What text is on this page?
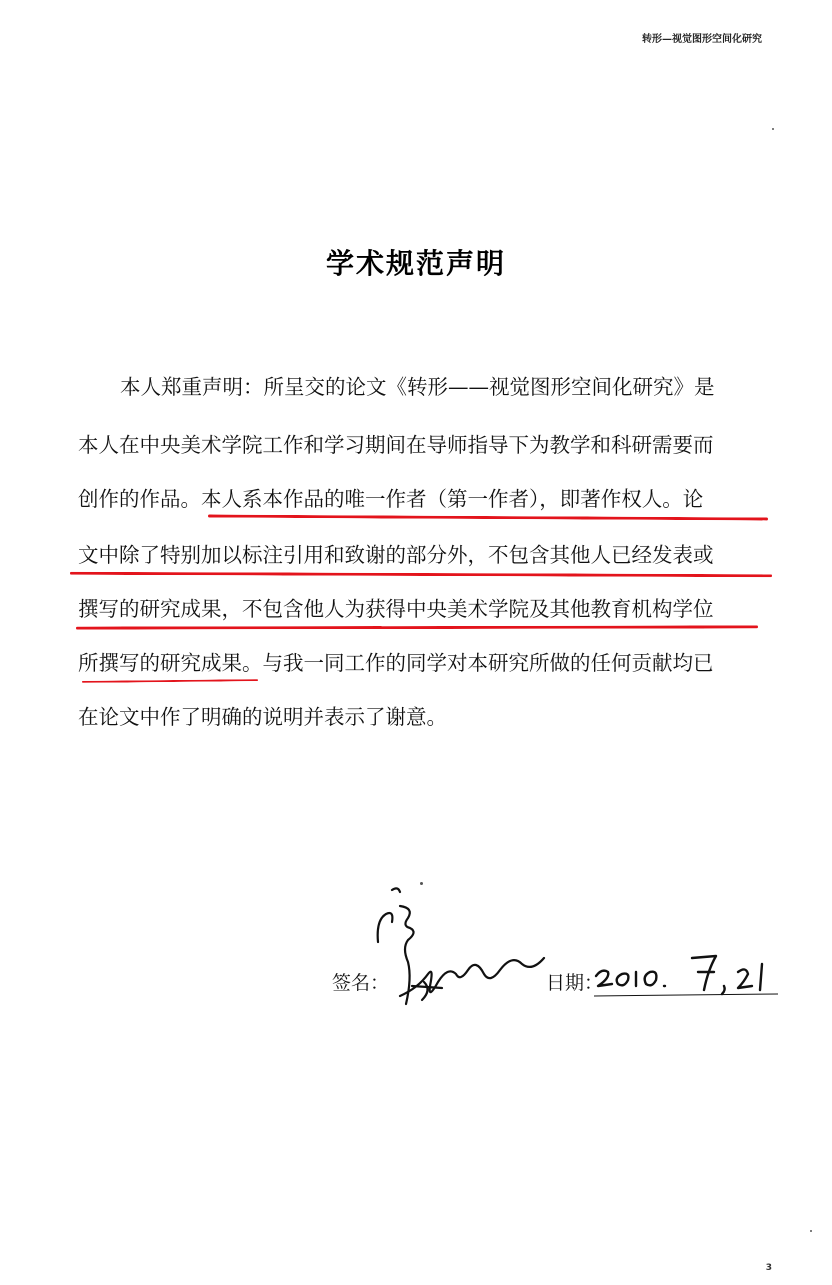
转形—视觉图形空间化研究
学术规范声明
本人郑重声明：所呈交的论文《转形——视觉图形空间化研究》是
本人在中央美术学院工作和学习期间在导师指导下为教学和科研需要而
创作的作品。本人系本作品的唯一作者（第一作者），即著作权人。论
文中除了特别加以标注引用和致谢的部分外，不包含其他人已经发表或
撰写的研究成果，不包含他人为获得中央美术学院及其他教育机构学位
所撰写的研究成果。与我一同工作的同学对本研究所做的任何贡献均已
在论文中作了明确的说明并表示了谢意。
签名：	日期：
3
